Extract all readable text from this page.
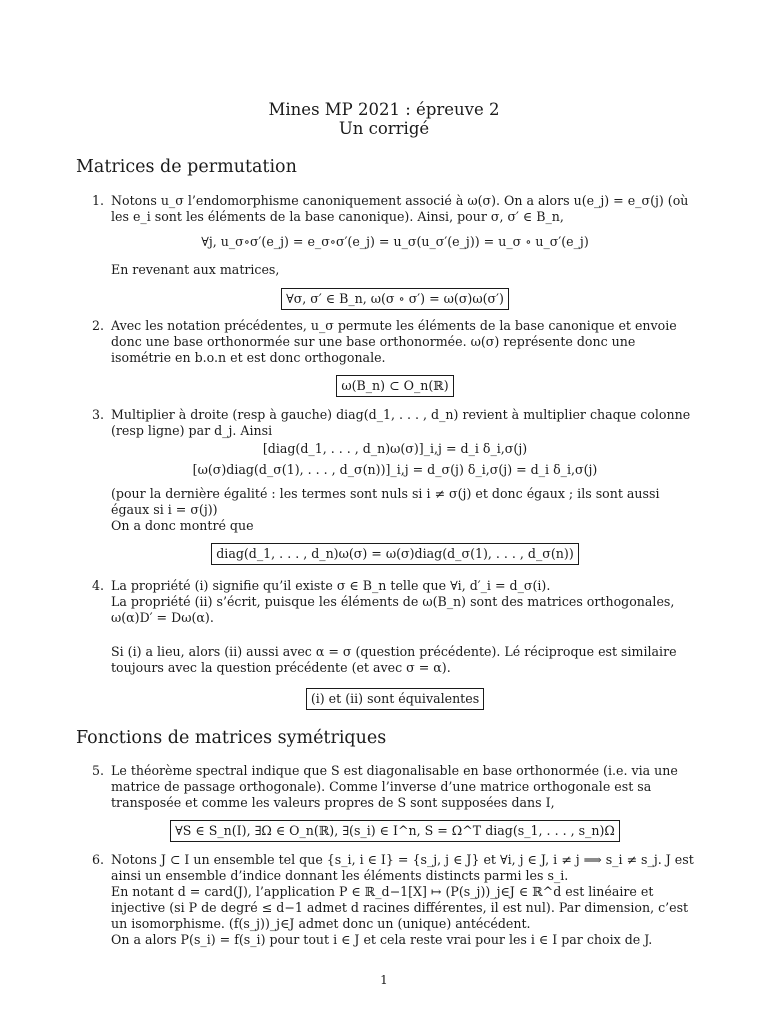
Mines MP 2021 : épreuve 2
Un corrigé
Matrices de permutation
1. Notons u_σ l’endomorphisme canoniquement associé à ω(σ). On a alors u(e_j) = e_σ(j) (où les e_i sont les éléments de la base canonique). Ainsi, pour σ, σ′ ∈ B_n,

∀j, u_σ∘σ′(e_j) = e_σ∘σ′(e_j) = u_σ(u_σ′(e_j)) = u_σ ∘ u_σ′(e_j)

En revenant aux matrices,

∀σ, σ′ ∈ B_n, ω(σ ∘ σ′) = ω(σ)ω(σ′)
2. Avec les notation précédentes, u_σ permute les éléments de la base canonique et envoie donc une base orthonormée sur une base orthonormée. ω(σ) représente donc une isométrie en b.o.n et est donc orthogonale.

ω(B_n) ⊂ O_n(ℝ)
3. Multiplier à droite (resp à gauche) diag(d_1, . . . , d_n) revient à multiplier chaque colonne (resp ligne) par d_j. Ainsi

[diag(d_1, . . . , d_n)ω(σ)]_i,j = d_i δ_i,σ(j)
[ω(σ)diag(d_σ(1), . . . , d_σ(n))]_i,j = d_σ(j) δ_i,σ(j) = d_i δ_i,σ(j)

(pour la dernière égalité : les termes sont nuls si i ≠ σ(j) et donc égaux ; ils sont aussi égaux si i = σ(j))

On a donc montré que

diag(d_1, . . . , d_n)ω(σ) = ω(σ)diag(d_σ(1), . . . , d_σ(n))
4. La propriété (i) signifie qu’il existe σ ∈ B_n telle que ∀i, d′_i = d_σ(i).

La propriété (ii) s’écrit, puisque les éléments de ω(B_n) sont des matrices orthogonales, ω(α)D′ = Dω(α).

Si (i) a lieu, alors (ii) aussi avec α = σ (question précédente). Lé réciproque est similaire toujours avec la question précédente (et avec σ = α).

(i) et (ii) sont équivalentes
Fonctions de matrices symétriques
5. Le théorème spectral indique que S est diagonalisable en base orthonormée (i.e. via une matrice de passage orthogonale). Comme l’inverse d’une matrice orthogonale est sa transposée et comme les valeurs propres de S sont supposées dans I,

∀S ∈ S_n(I), ∃Ω ∈ O_n(ℝ), ∃(s_i) ∈ I^n, S = Ω^T diag(s_1, . . . , s_n)Ω
6. Notons J ⊂ I un ensemble tel que {s_i, i ∈ I} = {s_j, j ∈ J} et ∀i, j ∈ J, i ≠ j ⟹ s_i ≠ s_j. J est ainsi un ensemble d’indice donnant les éléments distincts parmi les s_i.

En notant d = card(J), l’application P ∈ ℝ_d−1[X] ↦ (P(s_j))_j∈J ∈ ℝ^d est linéaire et injective (si P de degré ≤ d−1 admet d racines différentes, il est nul). Par dimension, c’est un isomorphisme. (f(s_j))_j∈J admet donc un (unique) antécédent.

On a alors P(s_i) = f(s_i) pour tout i ∈ J et cela reste vrai pour les i ∈ I par choix de J.

1
